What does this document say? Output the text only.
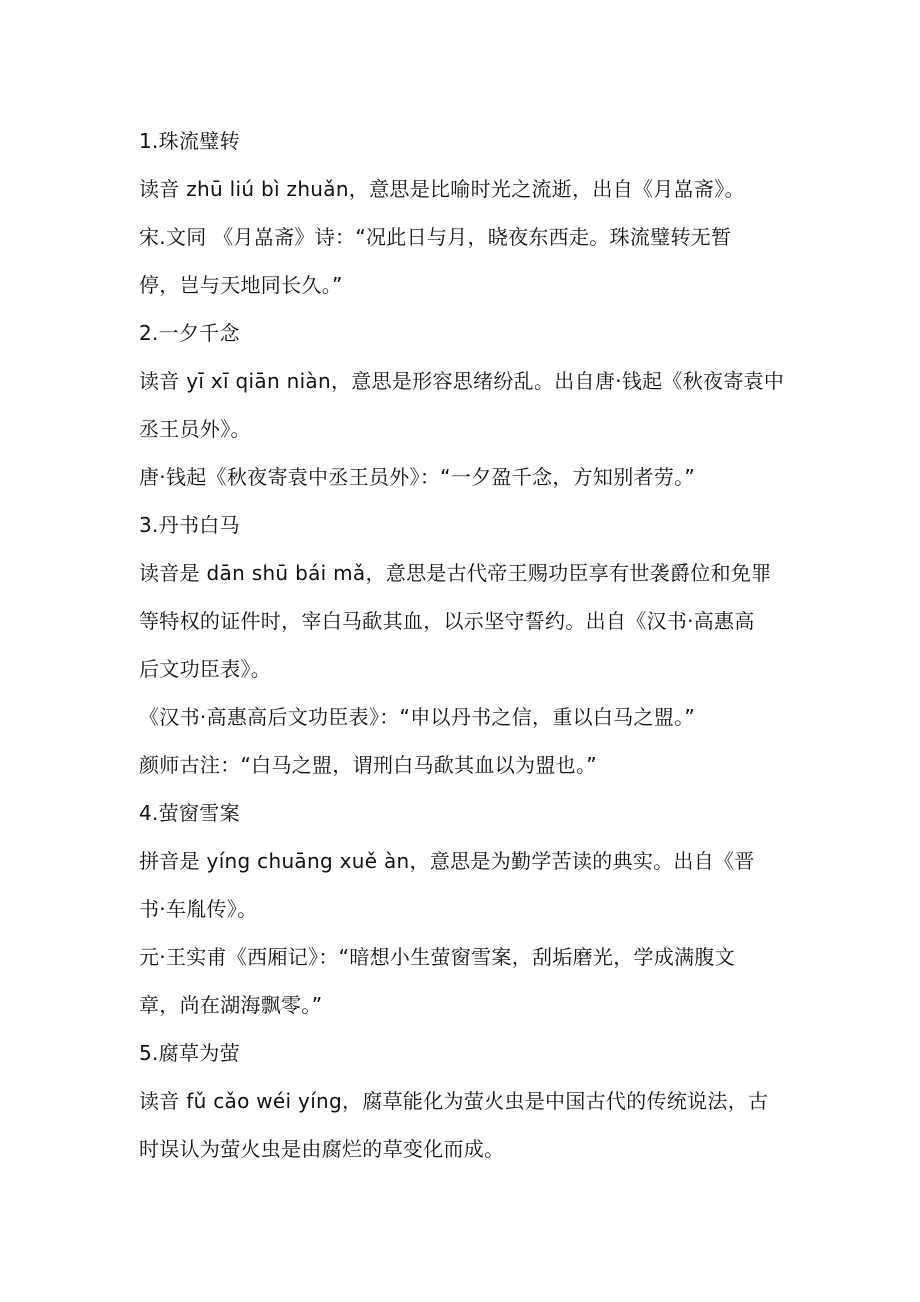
1.珠流璧转

读音 zhū liú bì zhuǎn，意思是比喻时光之流逝，出自《月嵓斋》。

宋.文同 《月嵓斋》诗：“况此日与月，晓夜东西走。珠流璧转无暂

停，岂与天地同长久。”

2.一夕千念

读音 yī xī qiān niàn，意思是形容思绪纷乱。出自唐·钱起《秋夜寄袁中

丞王员外》。

唐·钱起《秋夜寄袁中丞王员外》：“一夕盈千念，方知别者劳。”

3.丹书白马

读音是 dān shū bái mǎ，意思是古代帝王赐功臣享有世袭爵位和免罪

等特权的证件时，宰白马歃其血，以示坚守誓约。出自《汉书·高惠高

后文功臣表》。

《汉书·高惠高后文功臣表》：“申以丹书之信，重以白马之盟。”

颜师古注：“白马之盟，谓刑白马歃其血以为盟也。”

4.萤窗雪案

拼音是 yíng chuāng xuě àn，意思是为勤学苦读的典实。出自《晋

书·车胤传》。

元·王实甫《西厢记》：“暗想小生萤窗雪案，刮垢磨光，学成满腹文

章，尚在湖海飘零。”

5.腐草为萤

读音 fǔ cǎo wéi yíng，腐草能化为萤火虫是中国古代的传统说法，古

时误认为萤火虫是由腐烂的草变化而成。
